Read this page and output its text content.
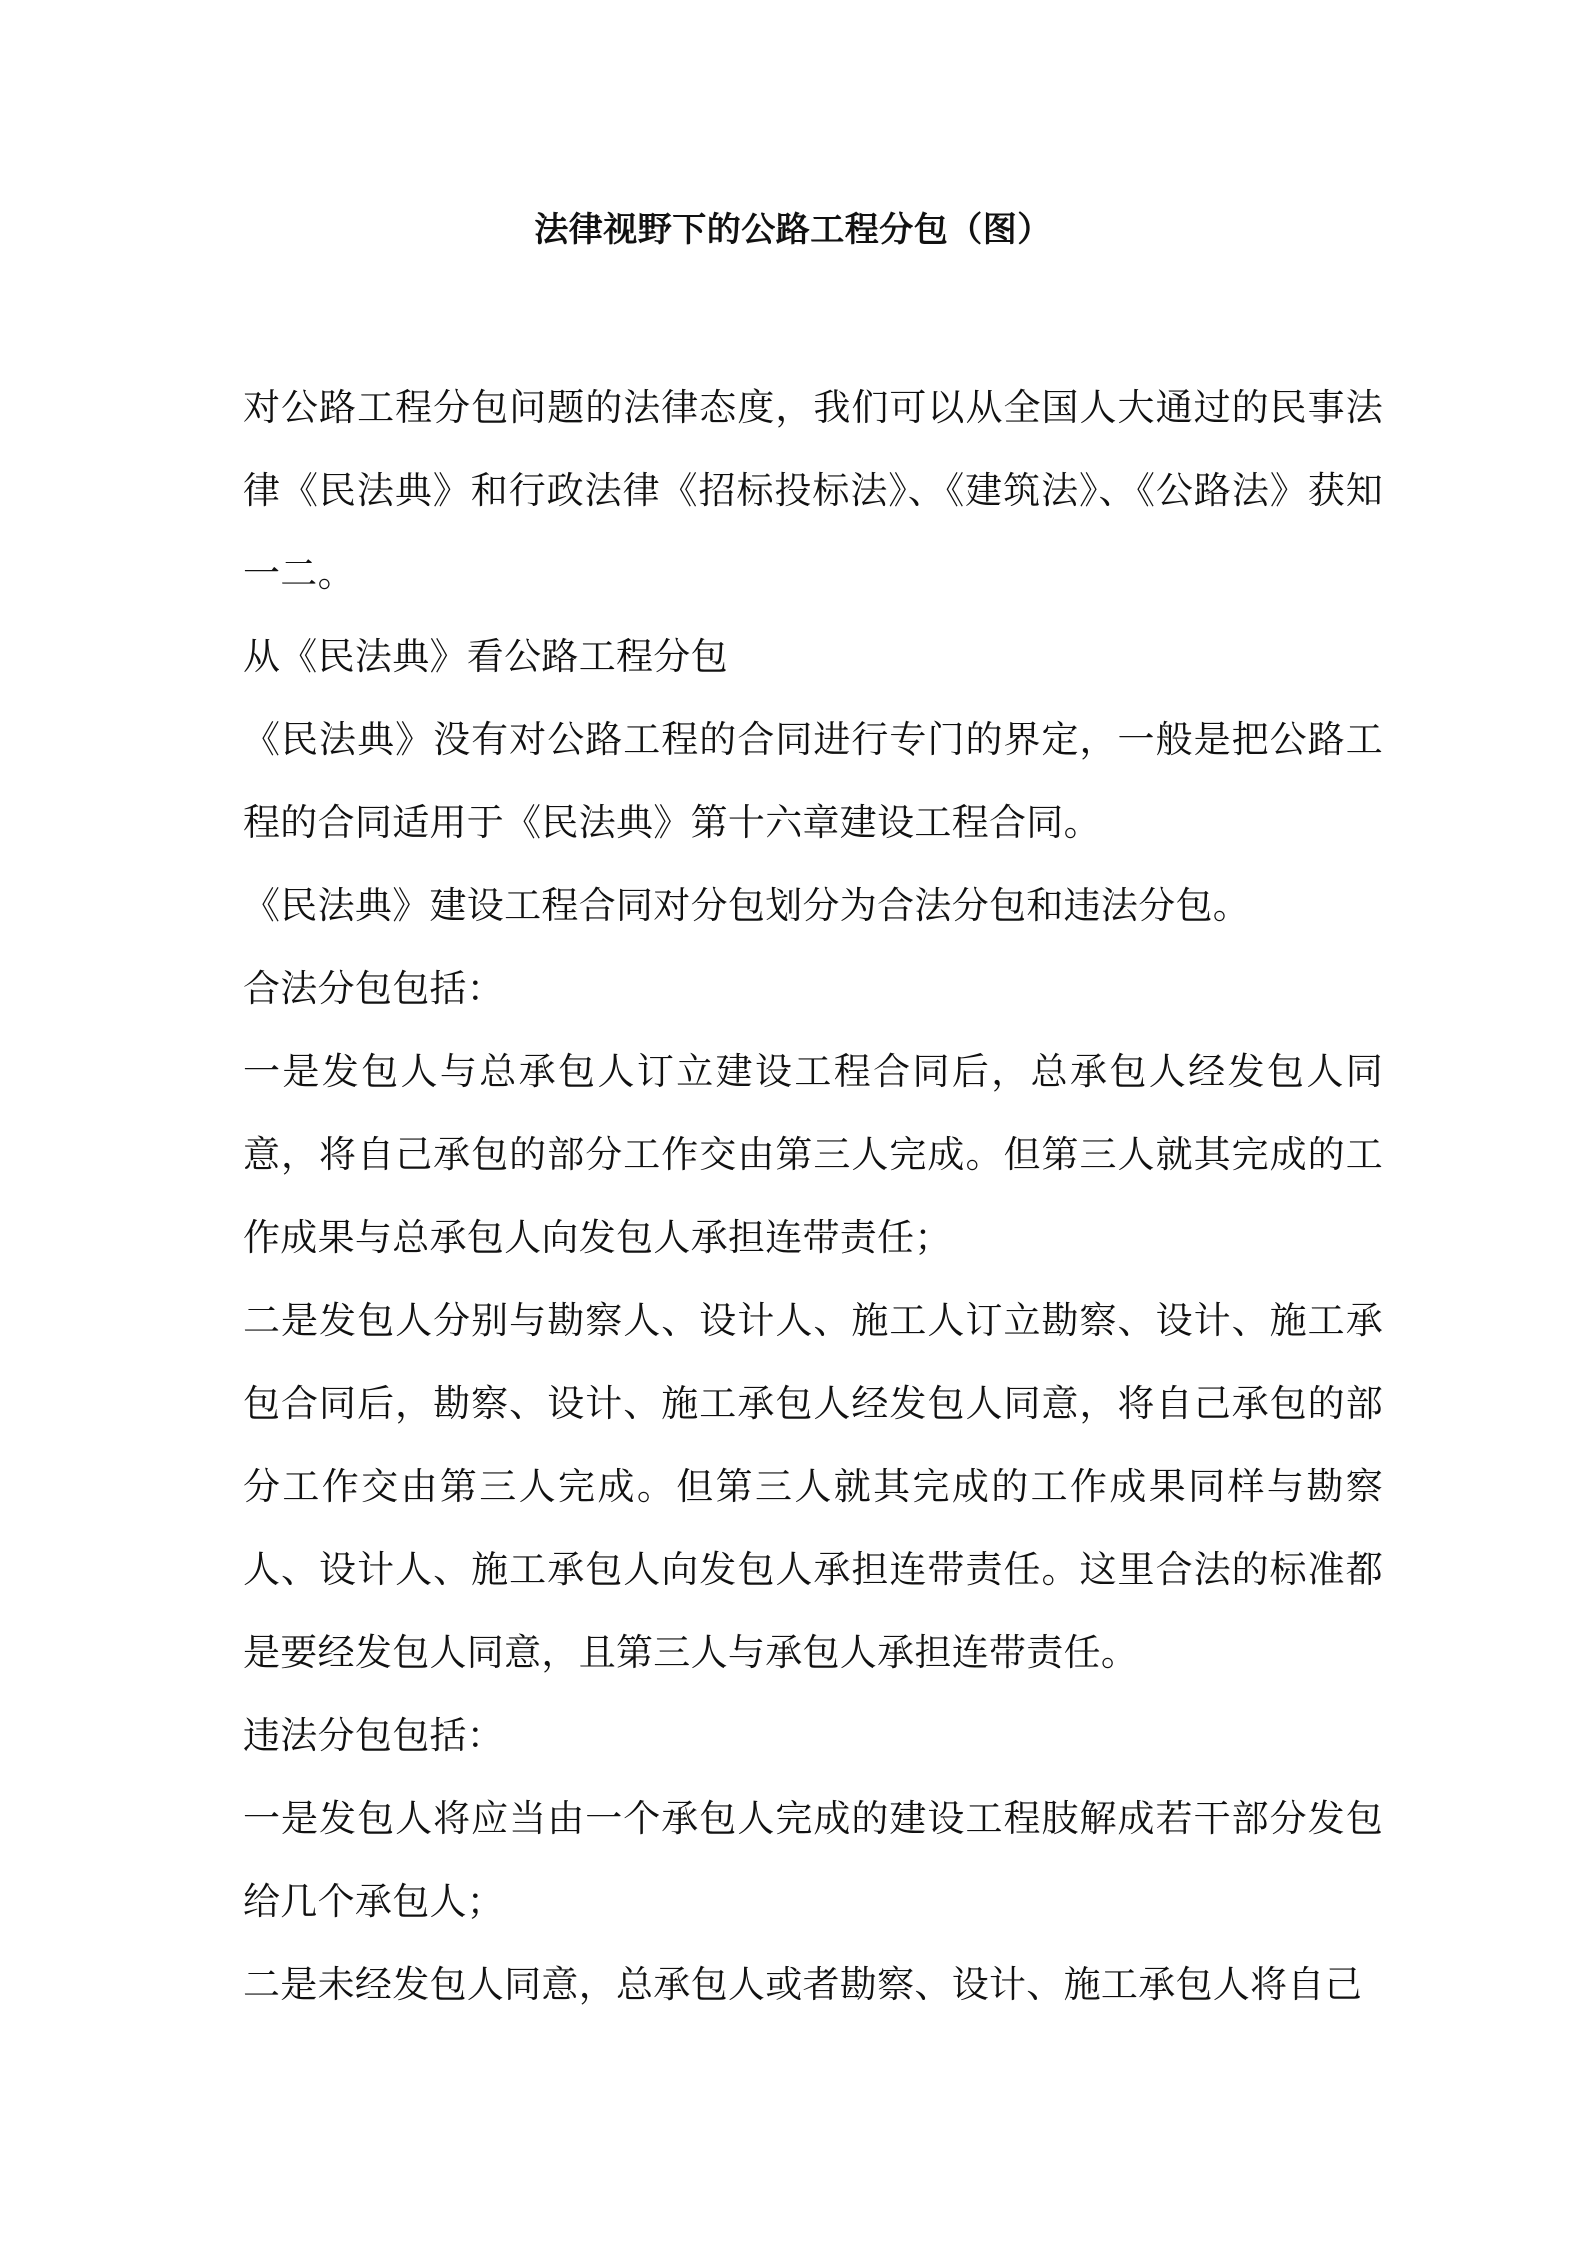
法律视野下的公路工程分包（图）

对公路工程分包问题的法律态度，我们可以从全国人大通过的民事法律《民法典》和行政法律《招标投标法》、《建筑法》、《公路法》获知一二。

从《民法典》看公路工程分包

《民法典》没有对公路工程的合同进行专门的界定，一般是把公路工程的合同适用于《民法典》第十六章建设工程合同。

《民法典》建设工程合同对分包划分为合法分包和违法分包。

合法分包包括：

一是发包人与总承包人订立建设工程合同后，总承包人经发包人同意，将自己承包的部分工作交由第三人完成。但第三人就其完成的工作成果与总承包人向发包人承担连带责任；

二是发包人分别与勘察人、设计人、施工人订立勘察、设计、施工承包合同后，勘察、设计、施工承包人经发包人同意，将自己承包的部分工作交由第三人完成。但第三人就其完成的工作成果同样与勘察人、设计人、施工承包人向发包人承担连带责任。这里合法的标准都是要经发包人同意，且第三人与承包人承担连带责任。

违法分包包括：

一是发包人将应当由一个承包人完成的建设工程肢解成若干部分发包给几个承包人；

二是未经发包人同意，总承包人或者勘察、设计、施工承包人将自己
